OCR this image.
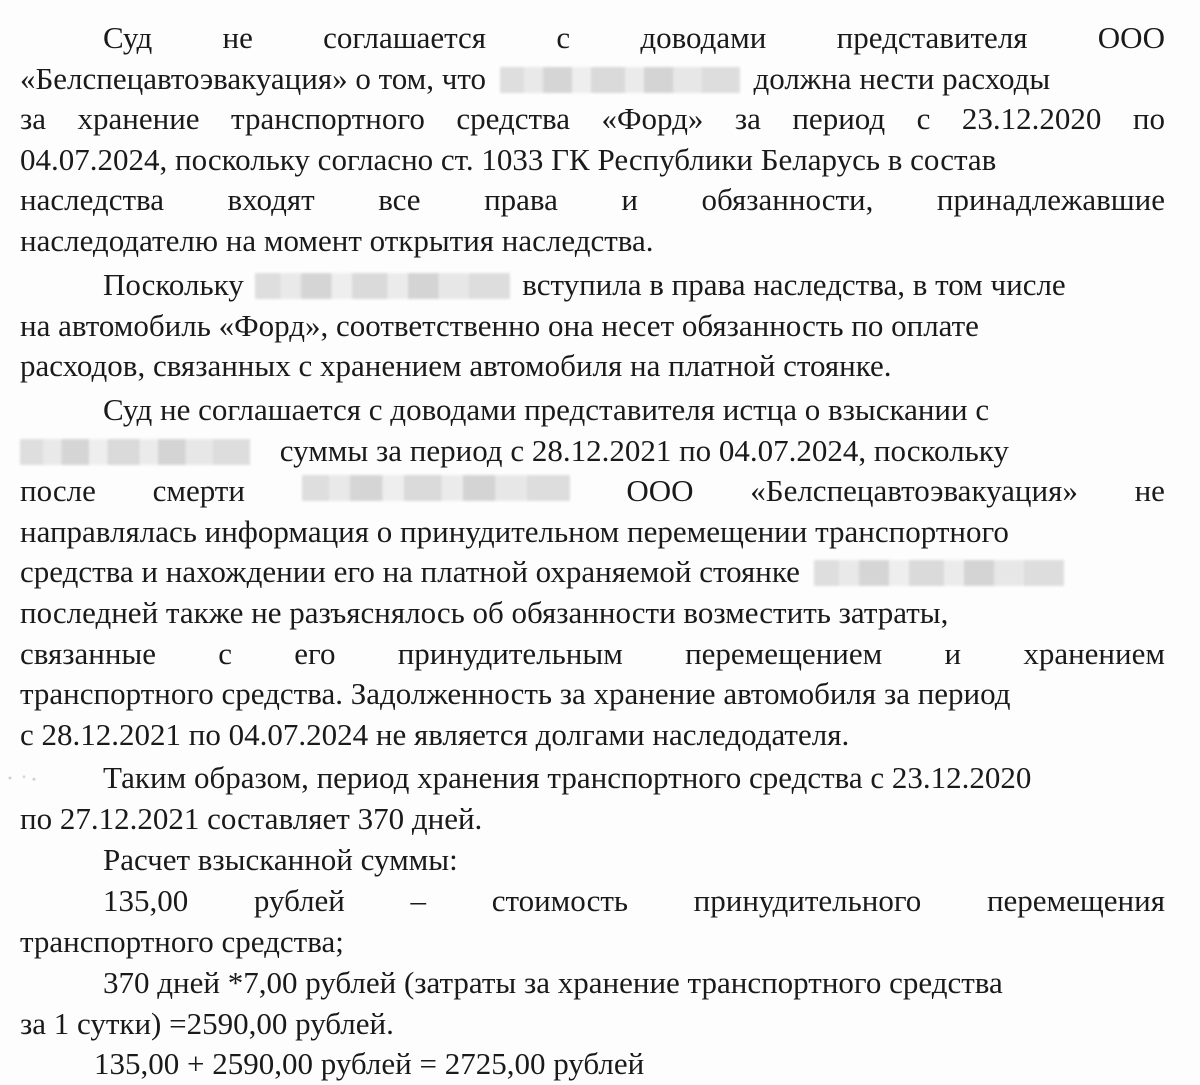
Суд не соглашается с доводами представителя ООО
«Белспецавтоэвакуация» о том, что	должна нести расходы
за хранение транспортного средства «Форд» за период с 23.12.2020 по
04.07.2024, поскольку согласно ст. 1033 ГК Республики Беларусь в состав
наследства входят все права и обязанности, принадлежавшие
наследодателю на момент открытия наследства.
Поскольку	вступила в права наследства, в том числе
на автомобиль «Форд», соответственно она несет обязанность по оплате
расходов, связанных с хранением автомобиля на платной стоянке.
Суд не соглашается с доводами представителя истца о взыскании с
суммы за период с 28.12.2021 по 04.07.2024, поскольку
после смерти	ООО «Белспецавтоэвакуация» не
направлялась информация о принудительном перемещении транспортного
средства и нахождении его на платной охраняемой стоянке
последней также не разъяснялось об обязанности возместить затраты,
связанные с его принудительным перемещением и хранением
транспортного средства. Задолженность за хранение автомобиля за период
с 28.12.2021 по 04.07.2024 не является долгами наследодателя.
Таким образом, период хранения транспортного средства с 23.12.2020
по 27.12.2021 составляет 370 дней.
Расчет взысканной суммы:
135,00 рублей – стоимость принудительного перемещения
транспортного средства;
370 дней *7,00 рублей (затраты за хранение транспортного средства
за 1 сутки) =2590,00 рублей.
135,00 + 2590,00 рублей = 2725,00 рублей
